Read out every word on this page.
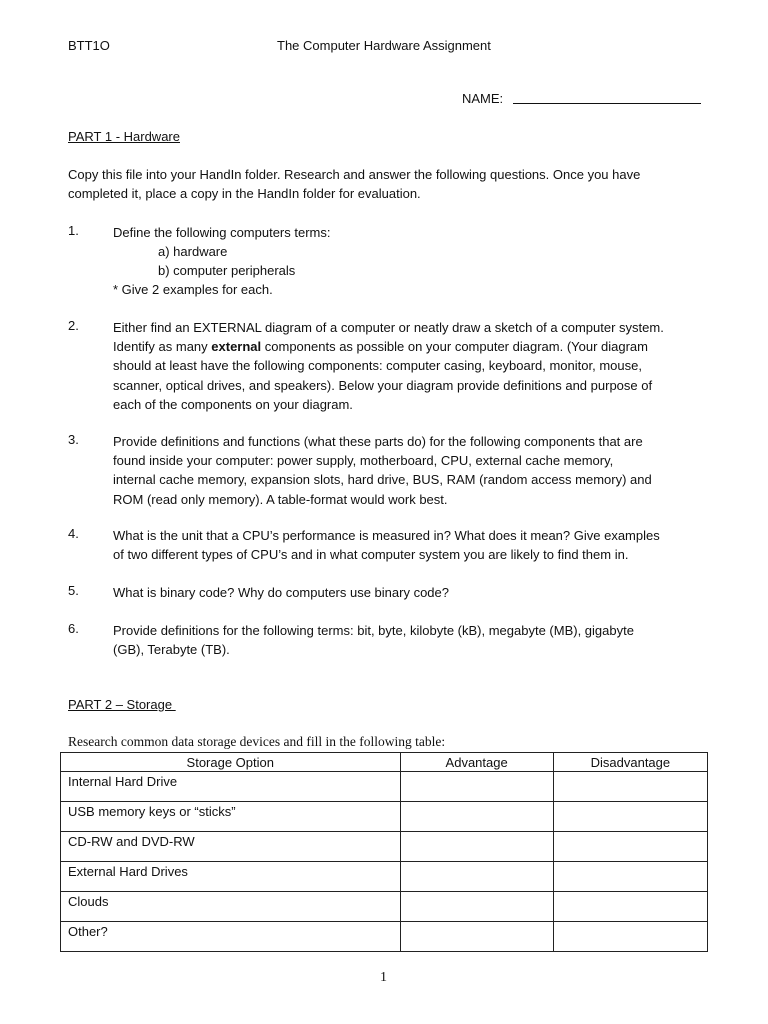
BTT1O	The Computer Hardware Assignment
NAME:
PART 1 - Hardware
Copy this file into your HandIn folder. Research and answer the following questions. Once you have
completed it, place a copy in the HandIn folder for evaluation.
1.	Define the following computers terms:
a) hardware
b) computer peripherals
* Give 2 examples for each.
2.	Either find an EXTERNAL diagram of a computer or neatly draw a sketch of a computer system.
Identify as many external components as possible on your computer diagram. (Your diagram
should at least have the following components: computer casing, keyboard, monitor, mouse,
scanner, optical drives, and speakers). Below your diagram provide definitions and purpose of
each of the components on your diagram.
3.	Provide definitions and functions (what these parts do) for the following components that are
found inside your computer: power supply, motherboard, CPU, external cache memory,
internal cache memory, expansion slots, hard drive, BUS, RAM (random access memory) and
ROM (read only memory). A table-format would work best.
4.	What is the unit that a CPU’s performance is measured in? What does it mean? Give examples
of two different types of CPU’s and in what computer system you are likely to find them in.
5.	What is binary code? Why do computers use binary code?
6.	Provide definitions for the following terms: bit, byte, kilobyte (kB), megabyte (MB), gigabyte
(GB), Terabyte (TB).
PART 2 – Storage
Research common data storage devices and fill in the following table:
Storage Option	Advantage	Disadvantage
Internal Hard Drive		
USB memory keys or “sticks”		
CD-RW and DVD-RW		
External Hard Drives		
Clouds		
Other?		
1
